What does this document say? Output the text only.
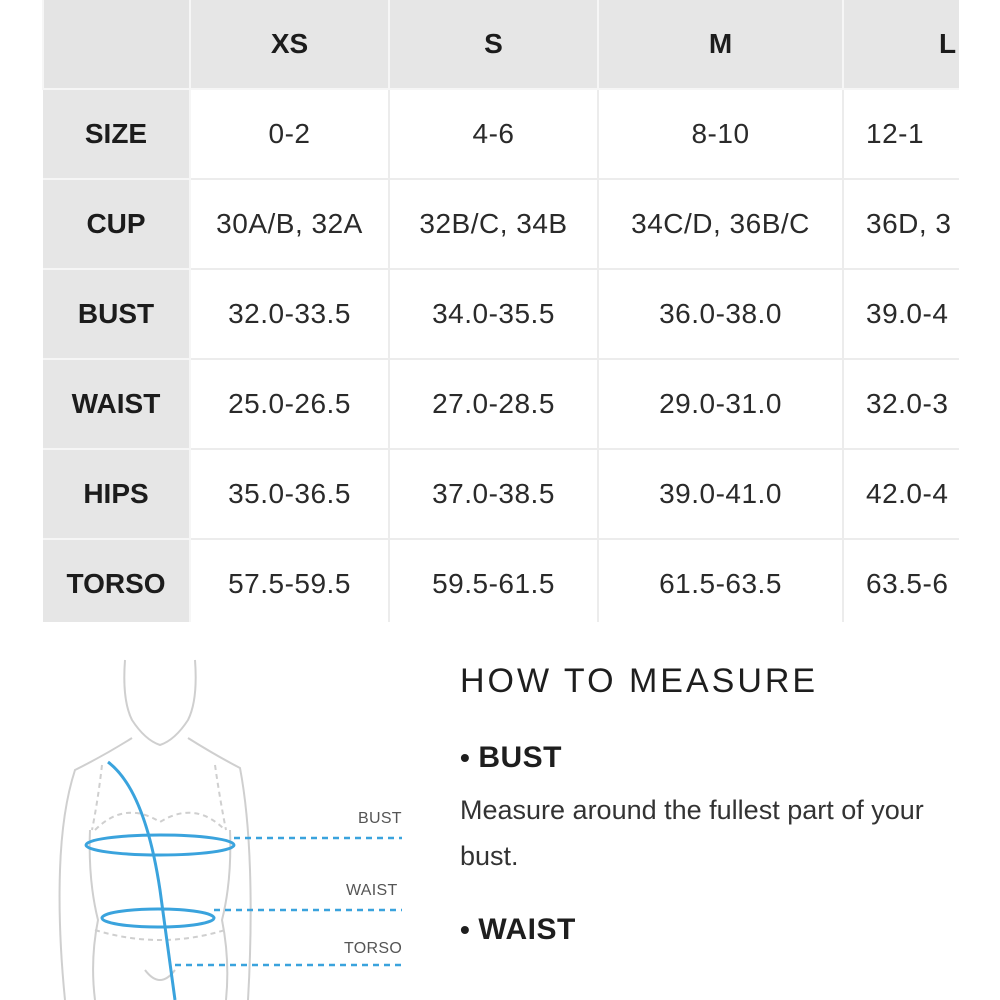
	XS	S	M	L
SIZE	0-2	4-6	8-10	12-1
CUP	30A/B, 32A	32B/C, 34B	34C/D, 36B/C	36D, 3
BUST	32.0-33.5	34.0-35.5	36.0-38.0	39.0-4
WAIST	25.0-26.5	27.0-28.5	29.0-31.0	32.0-3
HIPS	35.0-36.5	37.0-38.5	39.0-41.0	42.0-4
TORSO	57.5-59.5	59.5-61.5	61.5-63.5	63.5-6
BUST
WAIST
TORSO
HOW TO MEASURE
• BUST
Measure around the fullest part of your bust.
• WAIST
